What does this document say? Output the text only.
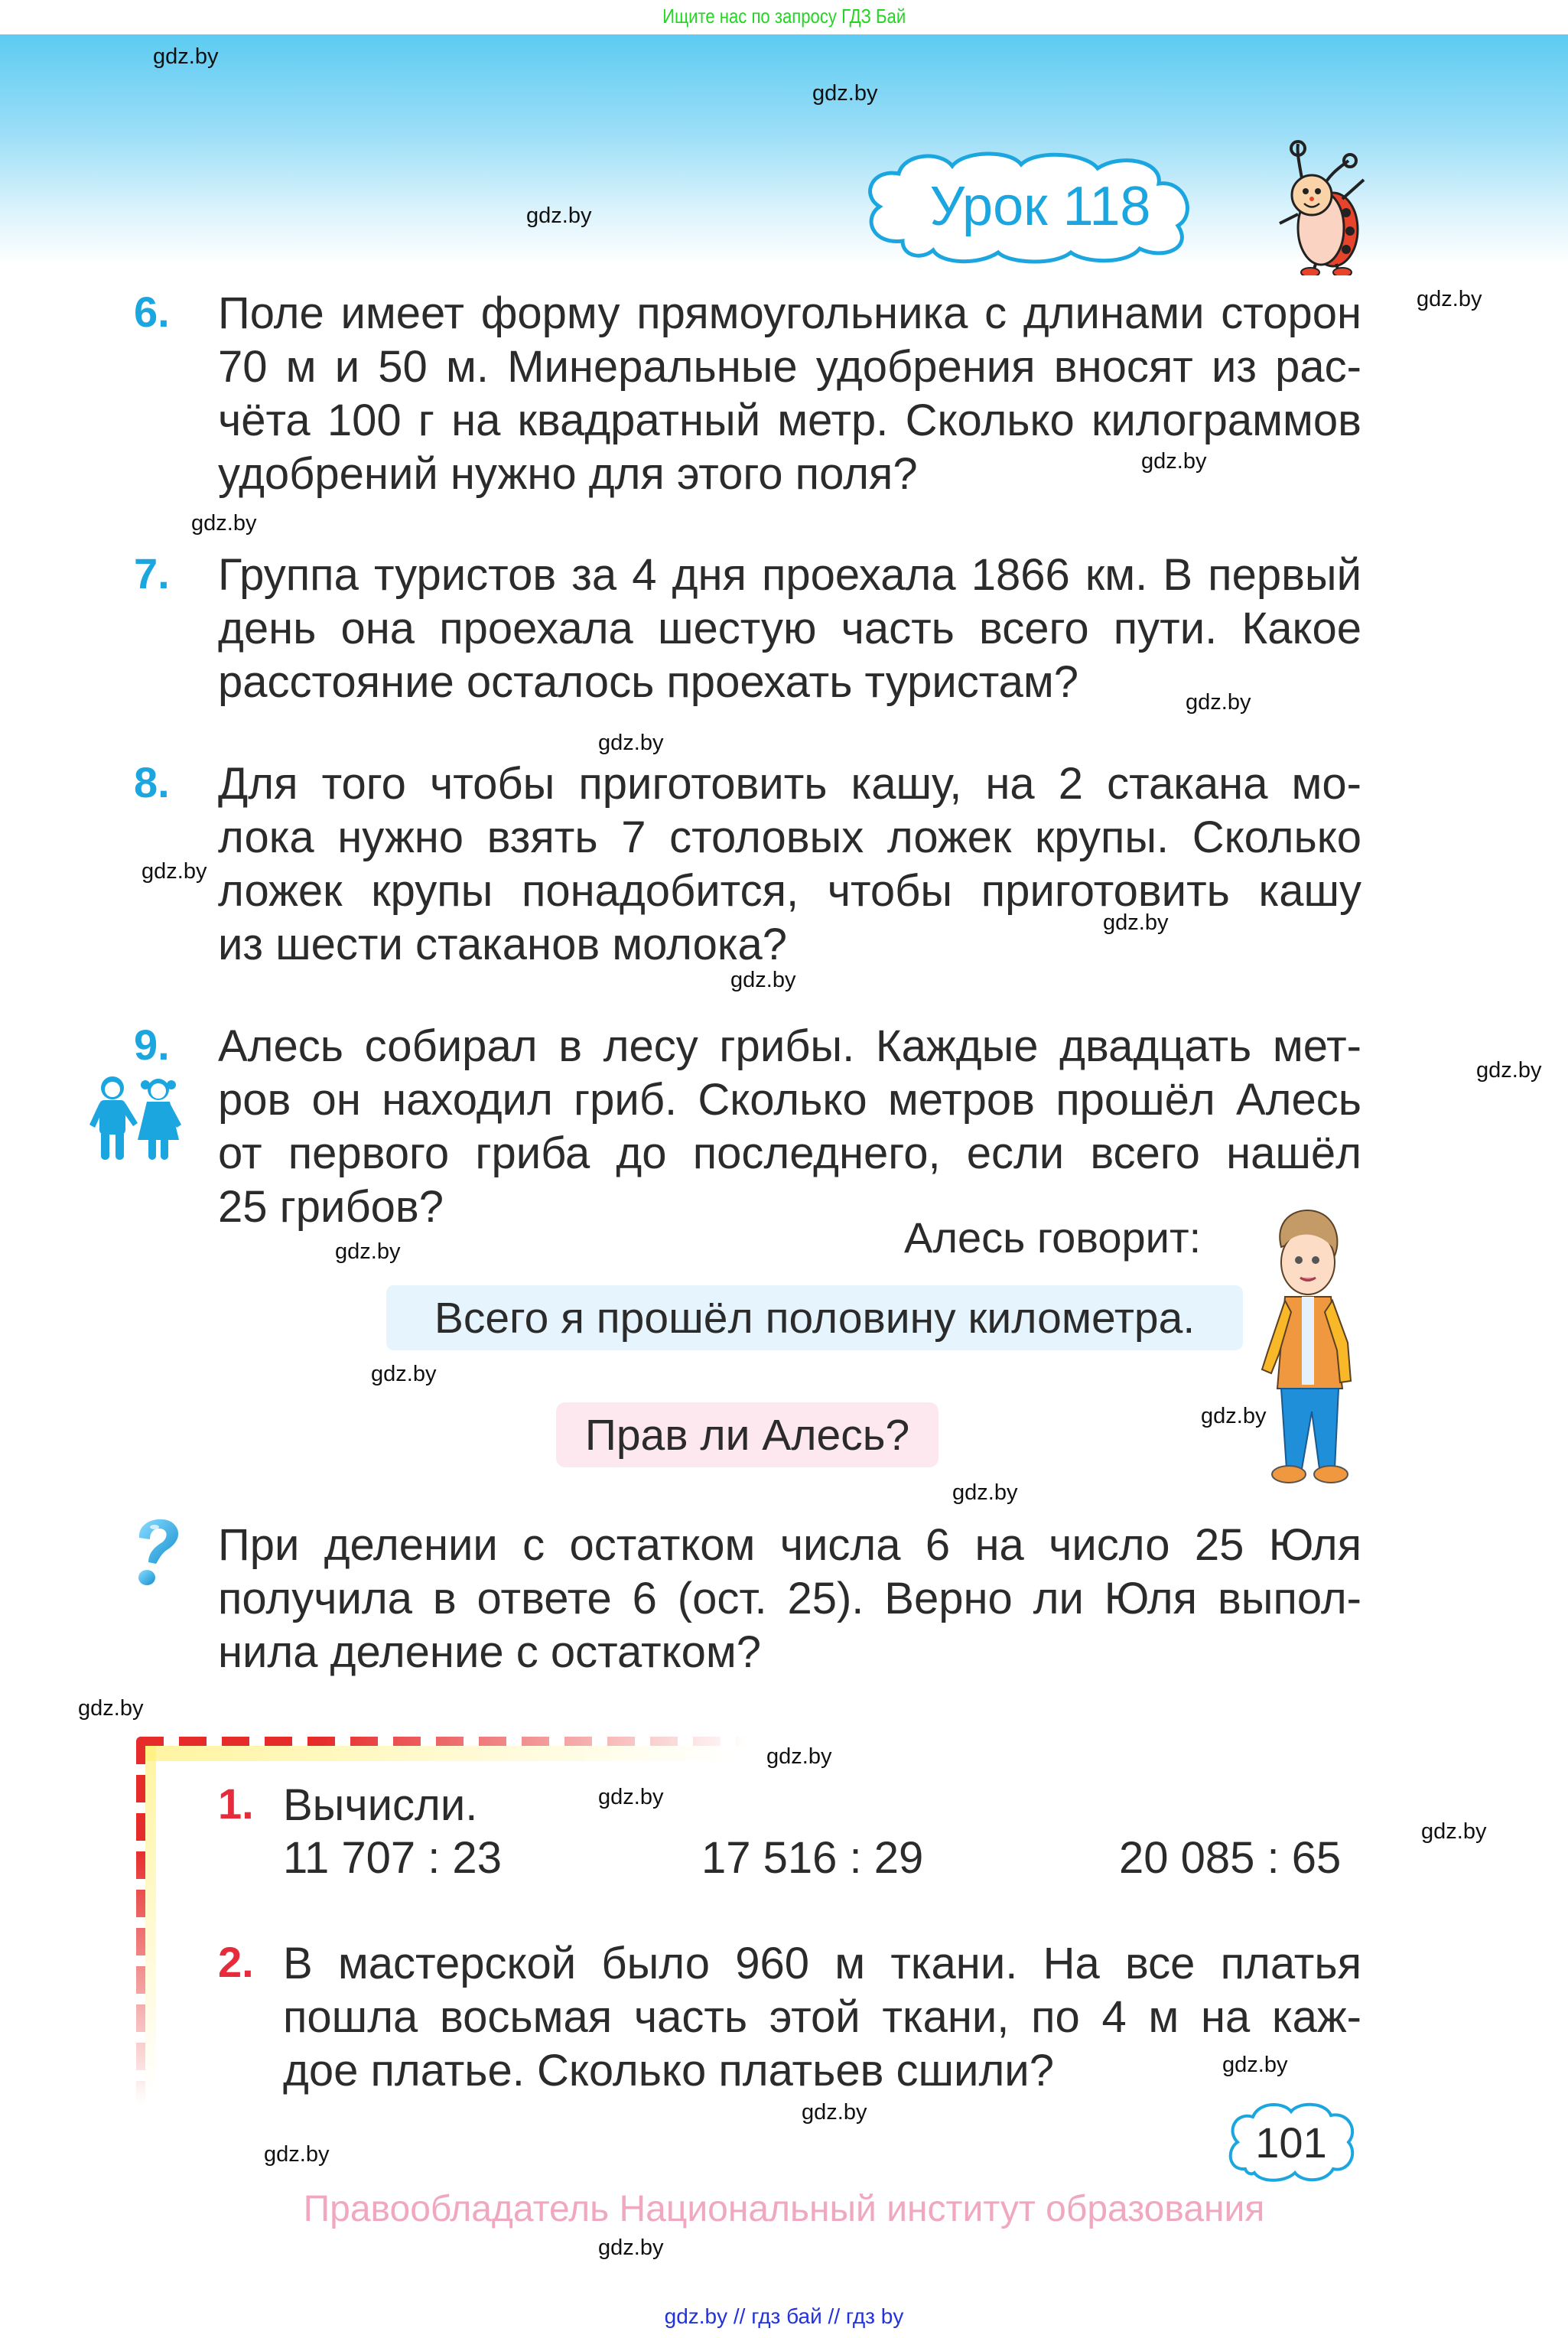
Ищите нас по запросу ГДЗ Бай
Урок 118
gdz.by
gdz.by
gdz.by
gdz.by
gdz.by
gdz.by
gdz.by
gdz.by
gdz.by
gdz.by
gdz.by
gdz.by
gdz.by
gdz.by
gdz.by
gdz.by
gdz.by
gdz.by
gdz.by
gdz.by
gdz.by
gdz.by
gdz.by
gdz.by
6. Поле имеет форму прямоугольника с длинами сторон
70 м и 50 м. Минеральные удобрения вносят из рас-
чёта 100 г на квадратный метр. Сколько килограммов
удобрений нужно для этого поля?
7. Группа туристов за 4 дня проехала 1866 км. В первый
день она проехала шестую часть всего пути. Какое
расстояние осталось проехать туристам?
8. Для того чтобы приготовить кашу, на 2 стакана мо-
лока нужно взять 7 столовых ложек крупы. Сколько
ложек крупы понадобится, чтобы приготовить кашу
из шести стаканов молока?
9. Алесь собирал в лесу грибы. Каждые двадцать мет-
ров он находил гриб. Сколько метров прошёл Алесь
от первого гриба до последнего, если всего нашёл
25 грибов?
Алесь говорит:
Всего я прошёл половину километра.
Прав ли Алесь?
При делении с остатком числа 6 на число 25 Юля
получила в ответе 6 (ост. 25). Верно ли Юля выпол-
нила деление с остатком?
1. Вычисли.
11 707 : 23	17 516 : 29	20 085 : 65
2. В мастерской было 960 м ткани. На все платья
пошла восьмая часть этой ткани, по 4 м на каж-
дое платье. Сколько платьев сшили?
101
Правообладатель Национальный институт образования
gdz.by // гдз бай // гдз by
